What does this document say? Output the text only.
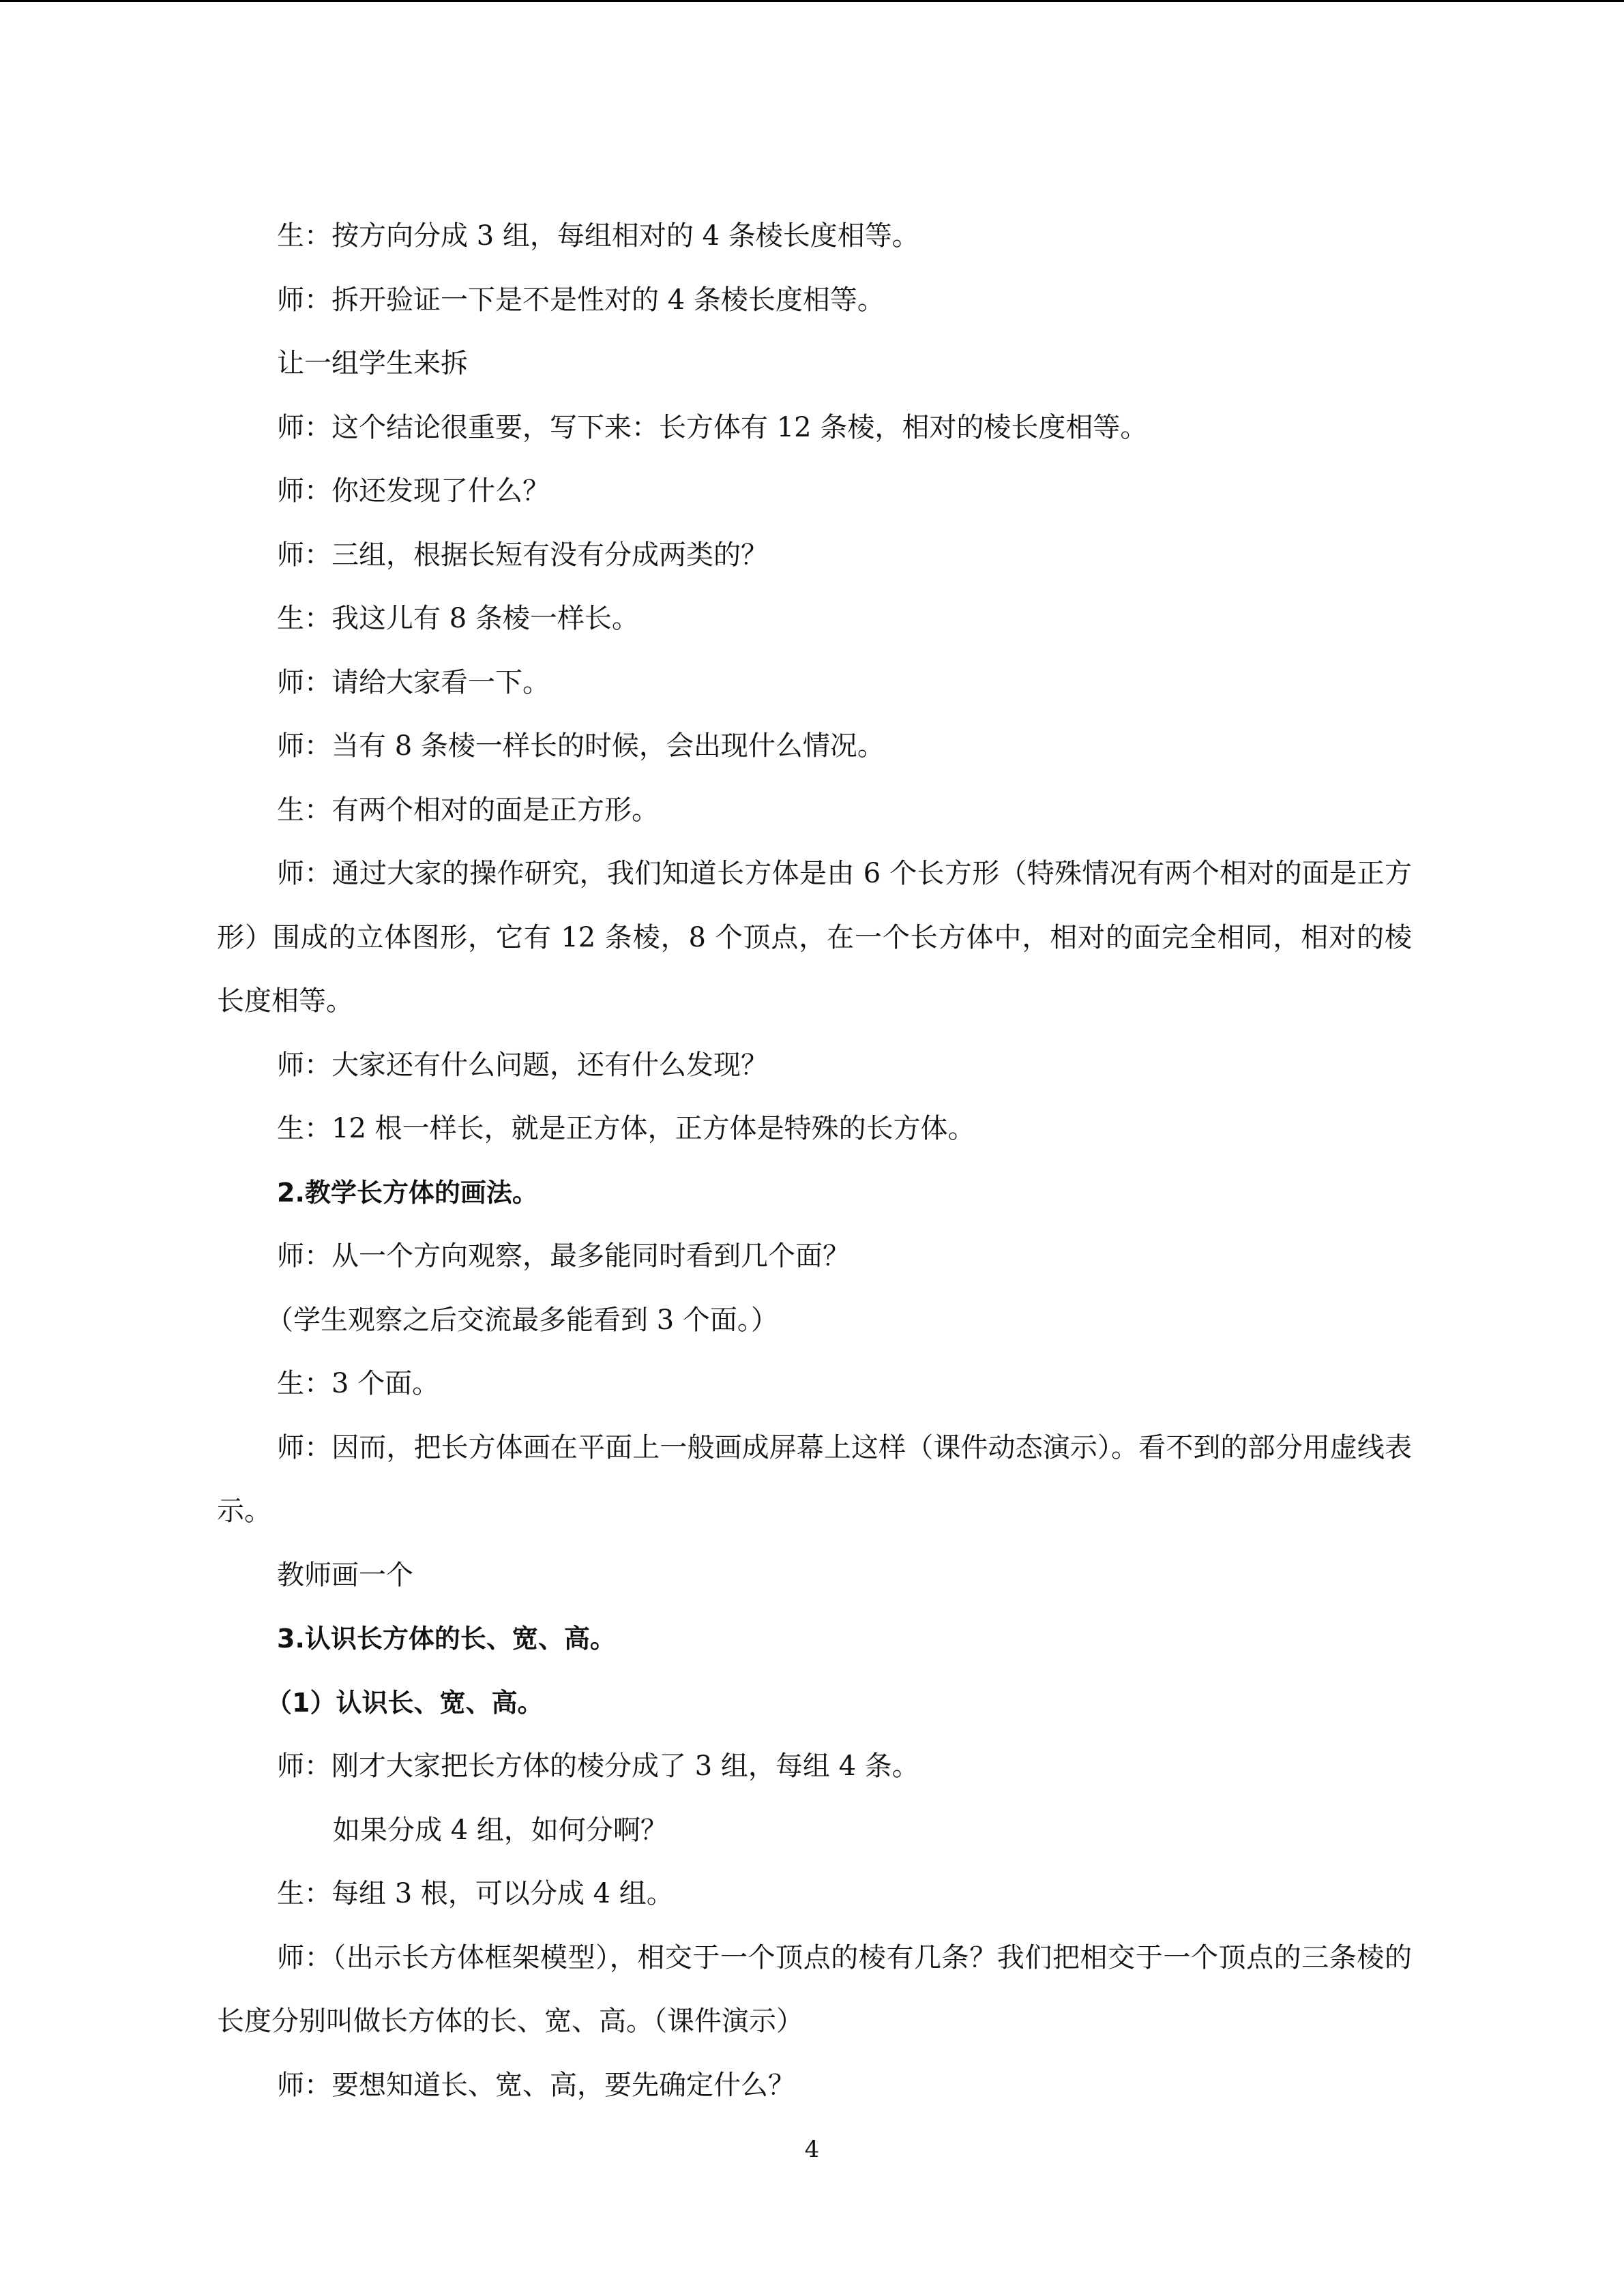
生：按方向分成 3 组，每组相对的 4 条棱长度相等。

师：拆开验证一下是不是性对的 4 条棱长度相等。

让一组学生来拆

师：这个结论很重要，写下来：长方体有 12 条棱，相对的棱长度相等。

师：你还发现了什么？

师：三组，根据长短有没有分成两类的？

生：我这儿有 8 条棱一样长。

师：请给大家看一下。

师：当有 8 条棱一样长的时候，会出现什么情况。

生：有两个相对的面是正方形。

师：通过大家的操作研究，我们知道长方体是由 6 个长方形（特殊情况有两个相对的面是正方形）围成的立体图形，它有 12 条棱，8 个顶点，在一个长方体中，相对的面完全相同，相对的棱长度相等。

师：大家还有什么问题，还有什么发现？

生：12 根一样长，就是正方体，正方体是特殊的长方体。

2.教学长方体的画法。

师：从一个方向观察，最多能同时看到几个面？

（学生观察之后交流最多能看到 3 个面。）

生：3 个面。

师：因而，把长方体画在平面上一般画成屏幕上这样（课件动态演示）。看不到的部分用虚线表示。

教师画一个

3.认识长方体的长、宽、高。

（1）认识长、宽、高。

师：刚才大家把长方体的棱分成了 3 组，每组 4 条。

如果分成 4 组，如何分啊？

生：每组 3 根，可以分成 4 组。

师：（出示长方体框架模型），相交于一个顶点的棱有几条？我们把相交于一个顶点的三条棱的长度分别叫做长方体的长、宽、高。（课件演示）

师：要想知道长、宽、高，要先确定什么？

4
